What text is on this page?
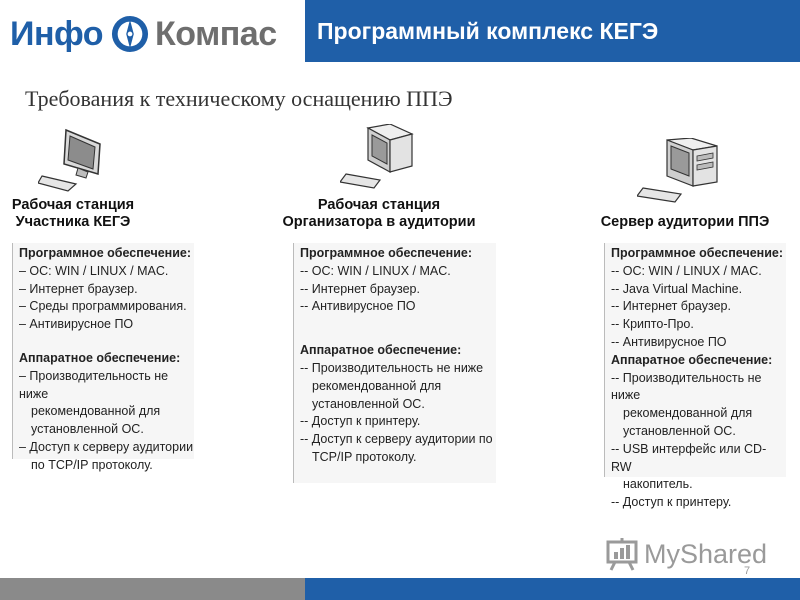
Инфо Компас Программный комплекс КЕГЭ
Требования к техническому оснащению ППЭ
Рабочая станция
Участника КЕГЭ
Программное обеспечение:
– ОС: WIN / LINUX / MAC.
– Интернет браузер.
– Среды программирования.
– Антивирусное ПО
Аппаратное обеспечение:
– Производительность не ниже
рекомендованной для
установленной ОС.
– Доступ к серверу аудитории
по TCP/IP протоколу.
Рабочая станция
Организатора в аудитории
Программное обеспечение:
-- ОС: WIN / LINUX / MAC.
-- Интернет браузер.
-- Антивирусное ПО
Аппаратное обеспечение:
-- Производительность не ниже
рекомендованной для
установленной ОС.
-- Доступ к принтеру.
-- Доступ к серверу аудитории по
TCP/IP протоколу.
Сервер аудитории ППЭ
Программное обеспечение:
-- ОС: WIN / LINUX / MAC.
-- Java Virtual Machine.
-- Интернет браузер.
-- Крипто-Про.
-- Антивирусное ПО
Аппаратное обеспечение:
-- Производительность не ниже
рекомендованной для
установленной ОС.
-- USB интерфейс или CD-RW
накопитель.
-- Доступ к принтеру.
MyShared
7
